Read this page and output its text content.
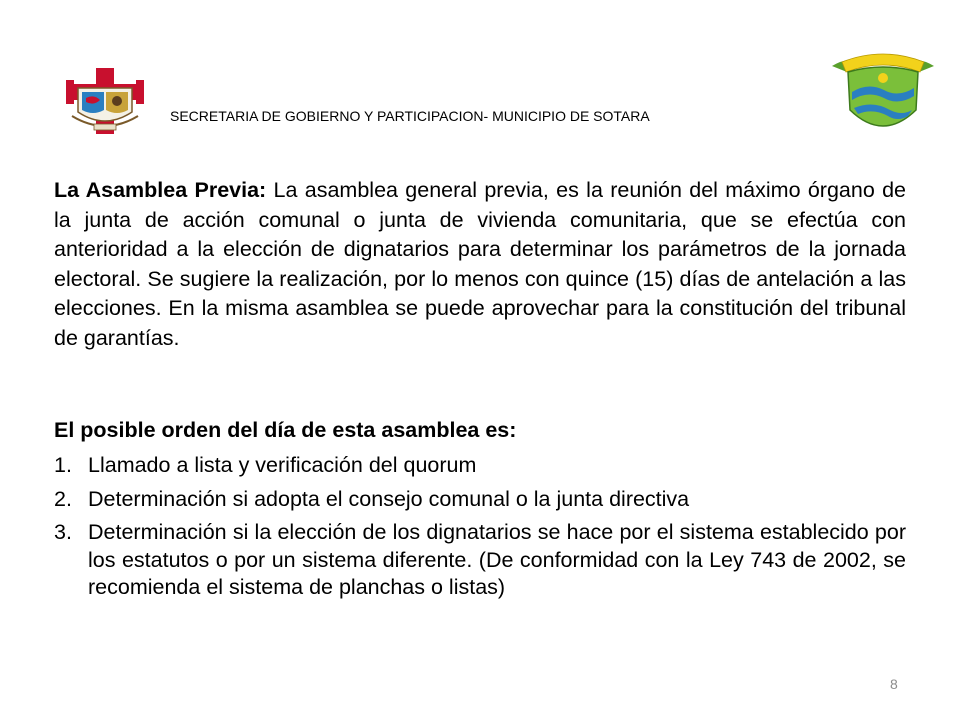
SECRETARIA DE GOBIERNO Y PARTICIPACION- MUNICIPIO DE SOTARA

La Asamblea Previa: La asamblea general previa, es la reunión del máximo órgano de la junta de acción comunal o junta de vivienda comunitaria, que se efectúa con anterioridad a la elección de dignatarios para determinar los parámetros de la jornada electoral. Se sugiere la realización, por lo menos con quince (15) días de antelación a las elecciones. En la misma asamblea se puede aprovechar para la constitución del tribunal de garantías.

El posible orden del día de esta asamblea es:

1. Llamado a lista y verificación del quorum
2. Determinación si adopta el consejo comunal o la junta directiva
3. Determinación si la elección de los dignatarios se hace por el sistema establecido por los estatutos o por un sistema diferente. (De conformidad con la Ley 743 de 2002, se recomienda el sistema de planchas o listas)
8
